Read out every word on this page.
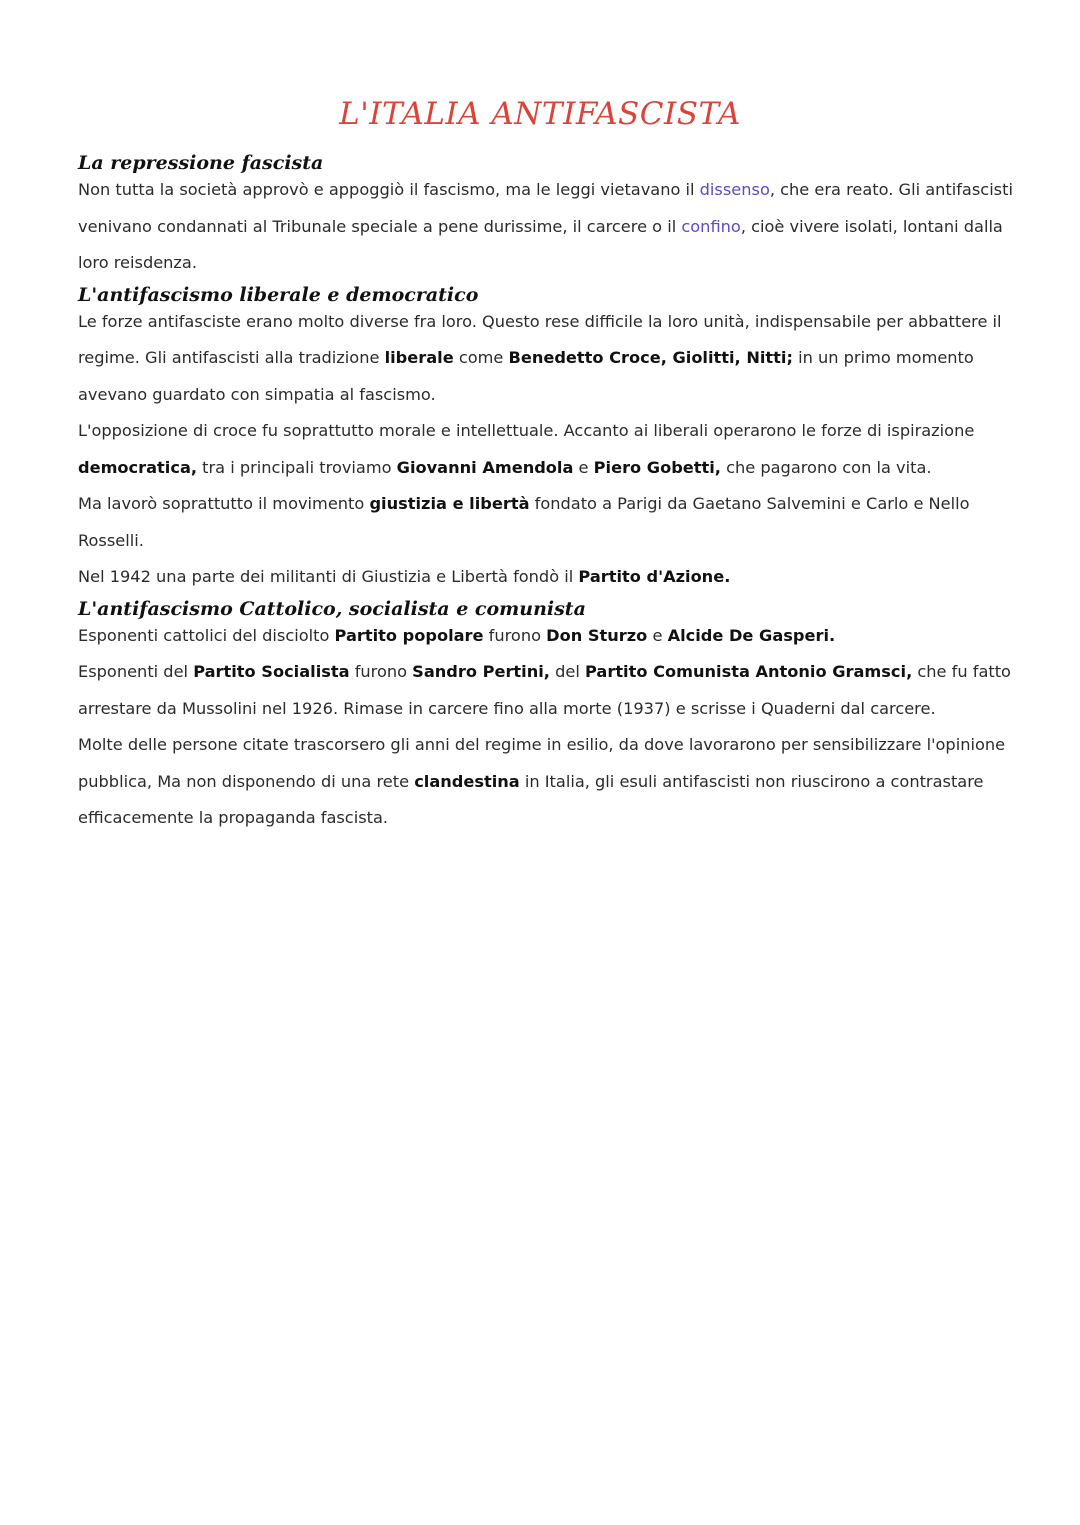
L'ITALIA ANTIFASCISTA
La repressione fascista

Non tutta la società approvò e appoggiò il fascismo, ma le leggi vietavano il dissenso, che era reato. Gli antifascisti venivano condannati al Tribunale speciale a pene durissime, il carcere o il confino, cioè vivere isolati, lontani dalla loro reisdenza.

L'antifascismo liberale e democratico

Le forze antifasciste erano molto diverse fra loro. Questo rese difficile la loro unità, indispensabile per abbattere il regime. Gli antifascisti alla tradizione liberale come Benedetto Croce, Giolitti, Nitti; in un primo momento avevano guardato con simpatia al fascismo.

L'opposizione di croce fu soprattutto morale e intellettuale. Accanto ai liberali operarono le forze di ispirazione democratica, tra i principali troviamo Giovanni Amendola e Piero Gobetti, che pagarono con la vita.

Ma lavorò soprattutto il movimento giustizia e libertà fondato a Parigi da Gaetano Salvemini e Carlo e Nello Rosselli.

Nel 1942 una parte dei militanti di Giustizia e Libertà fondò il Partito d'Azione.

L'antifascismo Cattolico, socialista e comunista

Esponenti cattolici del disciolto Partito popolare furono Don Sturzo e Alcide De Gasperi.

Esponenti del Partito Socialista furono Sandro Pertini, del Partito Comunista Antonio Gramsci, che fu fatto arrestare da Mussolini nel 1926. Rimase in carcere fino alla morte (1937) e scrisse i Quaderni dal carcere.

Molte delle persone citate trascorsero gli anni del regime in esilio, da dove lavorarono per sensibilizzare l'opinione pubblica, Ma non disponendo di una rete clandestina in Italia, gli esuli antifascisti non riuscirono a contrastare efficacemente la propaganda fascista.
